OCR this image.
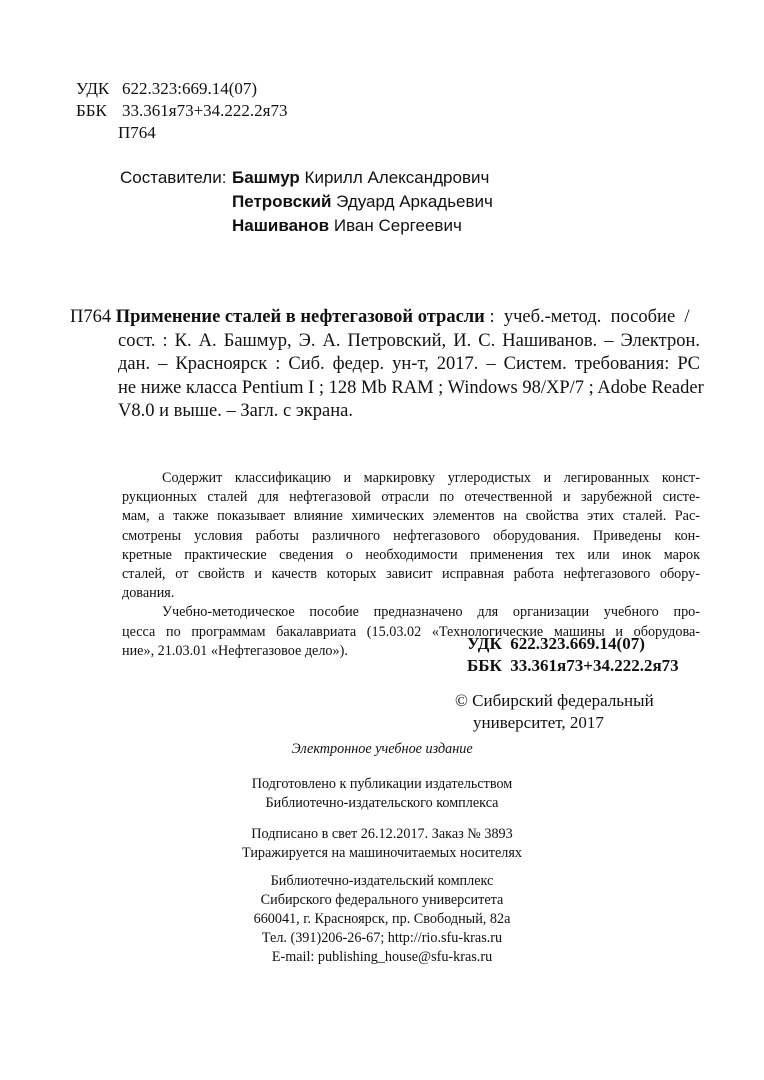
УДК 622.323:669.14(07)
ББК 33.361я73+34.222.2я73
П764
Составители: Башмур Кирилл Александрович
Петровский Эдуард Аркадьевич
Нашиванов Иван Сергеевич
П764 Применение сталей в нефтегазовой отрасли :  учеб.-метод.  пособие  /
сост. : К. А. Башмур, Э. А. Петровский, И. С. Нашиванов. – Электрон.
дан. – Красноярск : Сиб. федер. ун-т, 2017. – Систем. требования: PC
не ниже класса Pentium I ; 128 Mb RAM ; Windows 98/XP/7 ; Adobe Reader
V8.0 и выше. – Загл. с экрана.
Содержит классификацию и маркировку углеродистых и легированных конст-
рукционных сталей для нефтегазовой отрасли по отечественной и зарубежной систе-
мам, а также показывает влияние химических элементов на свойства этих сталей. Рас-
смотрены условия работы различного нефтегазового оборудования. Приведены кон-
кретные практические сведения о необходимости применения тех или инок марок
сталей, от свойств и качеств которых зависит исправная работа нефтегазового обору-
дования.
Учебно-методическое пособие предназначено для организации учебного про-
цесса по программам бакалавриата (15.03.02 «Технологические машины и оборудова-
ние», 21.03.01 «Нефтегазовое дело»).	УДК  622.323.669.14(07)
ББК  33.361я73+34.222.2я73
© Сибирский федеральный
университет, 2017
Электронное учебное издание
Подготовлено к публикации издательством
Библиотечно-издательского комплекса
Подписано в свет 26.12.2017. Заказ № 3893
Тиражируется на машиночитаемых носителях
Библиотечно-издательский комплекс
Сибирского федерального университета
660041, г. Красноярск, пр. Свободный, 82а
Тел. (391)206-26-67; http://rio.sfu-kras.ru
E-mail: publishing_house@sfu-kras.ru
